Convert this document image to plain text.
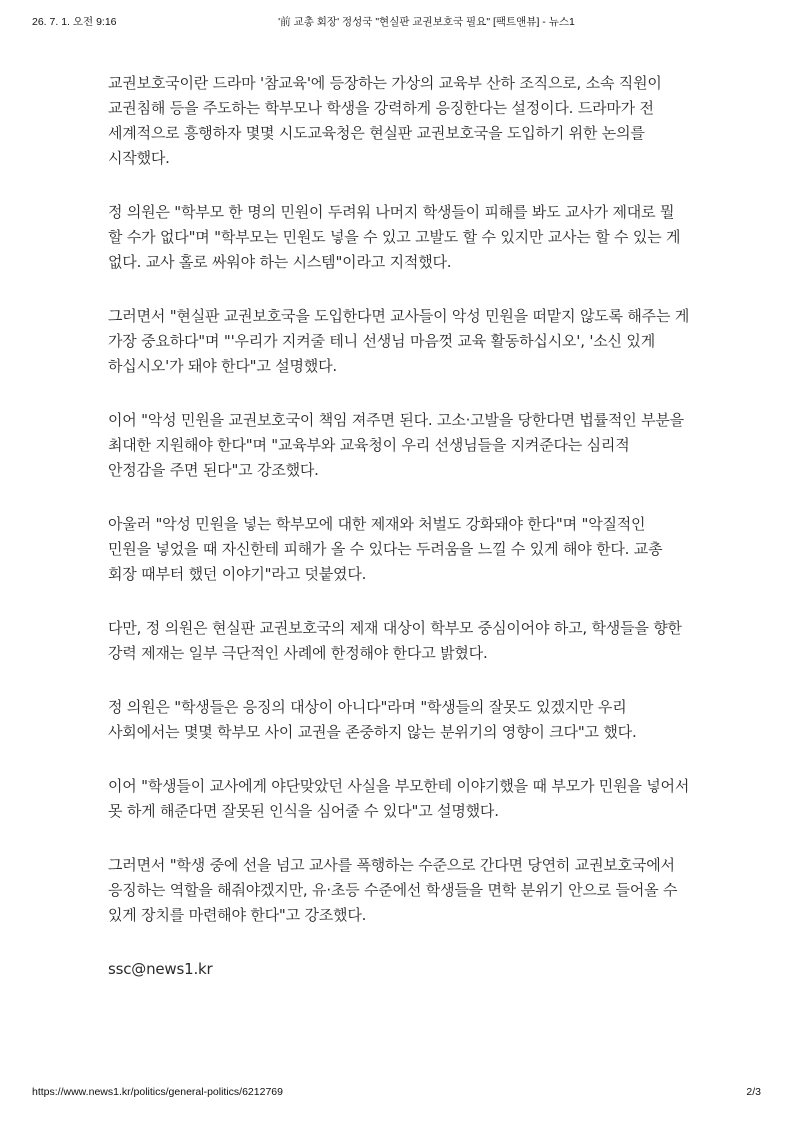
26. 7. 1. 오전 9:16	'前 교총 회장' 정성국 "현실판 교권보호국 필요" [팩트앤뷰] - 뉴스1

교권보호국이란 드라마 '참교육'에 등장하는 가상의 교육부 산하 조직으로, 소속 직원이 교권침해 등을 주도하는 학부모나 학생을 강력하게 응징한다는 설정이다. 드라마가 전 세계적으로 흥행하자 몇몇 시도교육청은 현실판 교권보호국을 도입하기 위한 논의를 시작했다.

정 의원은 "학부모 한 명의 민원이 두려워 나머지 학생들이 피해를 봐도 교사가 제대로 뭘 할 수가 없다"며 "학부모는 민원도 넣을 수 있고 고발도 할 수 있지만 교사는 할 수 있는 게 없다. 교사 홀로 싸워야 하는 시스템"이라고 지적했다.

그러면서 "현실판 교권보호국을 도입한다면 교사들이 악성 민원을 떠맡지 않도록 해주는 게 가장 중요하다"며 "'우리가 지켜줄 테니 선생님 마음껏 교육 활동하십시오', '소신 있게 하십시오'가 돼야 한다"고 설명했다.

이어 "악성 민원을 교권보호국이 책임 져주면 된다. 고소·고발을 당한다면 법률적인 부분을 최대한 지원해야 한다"며 "교육부와 교육청이 우리 선생님들을 지켜준다는 심리적 안정감을 주면 된다"고 강조했다.

아울러 "악성 민원을 넣는 학부모에 대한 제재와 처벌도 강화돼야 한다"며 "악질적인 민원을 넣었을 때 자신한테 피해가 올 수 있다는 두려움을 느낄 수 있게 해야 한다. 교총 회장 때부터 했던 이야기"라고 덧붙였다.

다만, 정 의원은 현실판 교권보호국의 제재 대상이 학부모 중심이어야 하고, 학생들을 향한 강력 제재는 일부 극단적인 사례에 한정해야 한다고 밝혔다.

정 의원은 "학생들은 응징의 대상이 아니다"라며 "학생들의 잘못도 있겠지만 우리 사회에서는 몇몇 학부모 사이 교권을 존중하지 않는 분위기의 영향이 크다"고 했다.

이어 "학생들이 교사에게 야단맞았던 사실을 부모한테 이야기했을 때 부모가 민원을 넣어서 못 하게 해준다면 잘못된 인식을 심어줄 수 있다"고 설명했다.

그러면서 "학생 중에 선을 넘고 교사를 폭행하는 수준으로 간다면 당연히 교권보호국에서 응징하는 역할을 해줘야겠지만, 유·초등 수준에선 학생들을 면학 분위기 안으로 들어올 수 있게 장치를 마련해야 한다"고 강조했다.

ssc@news1.kr

https://www.news1.kr/politics/general-politics/6212769	2/3
